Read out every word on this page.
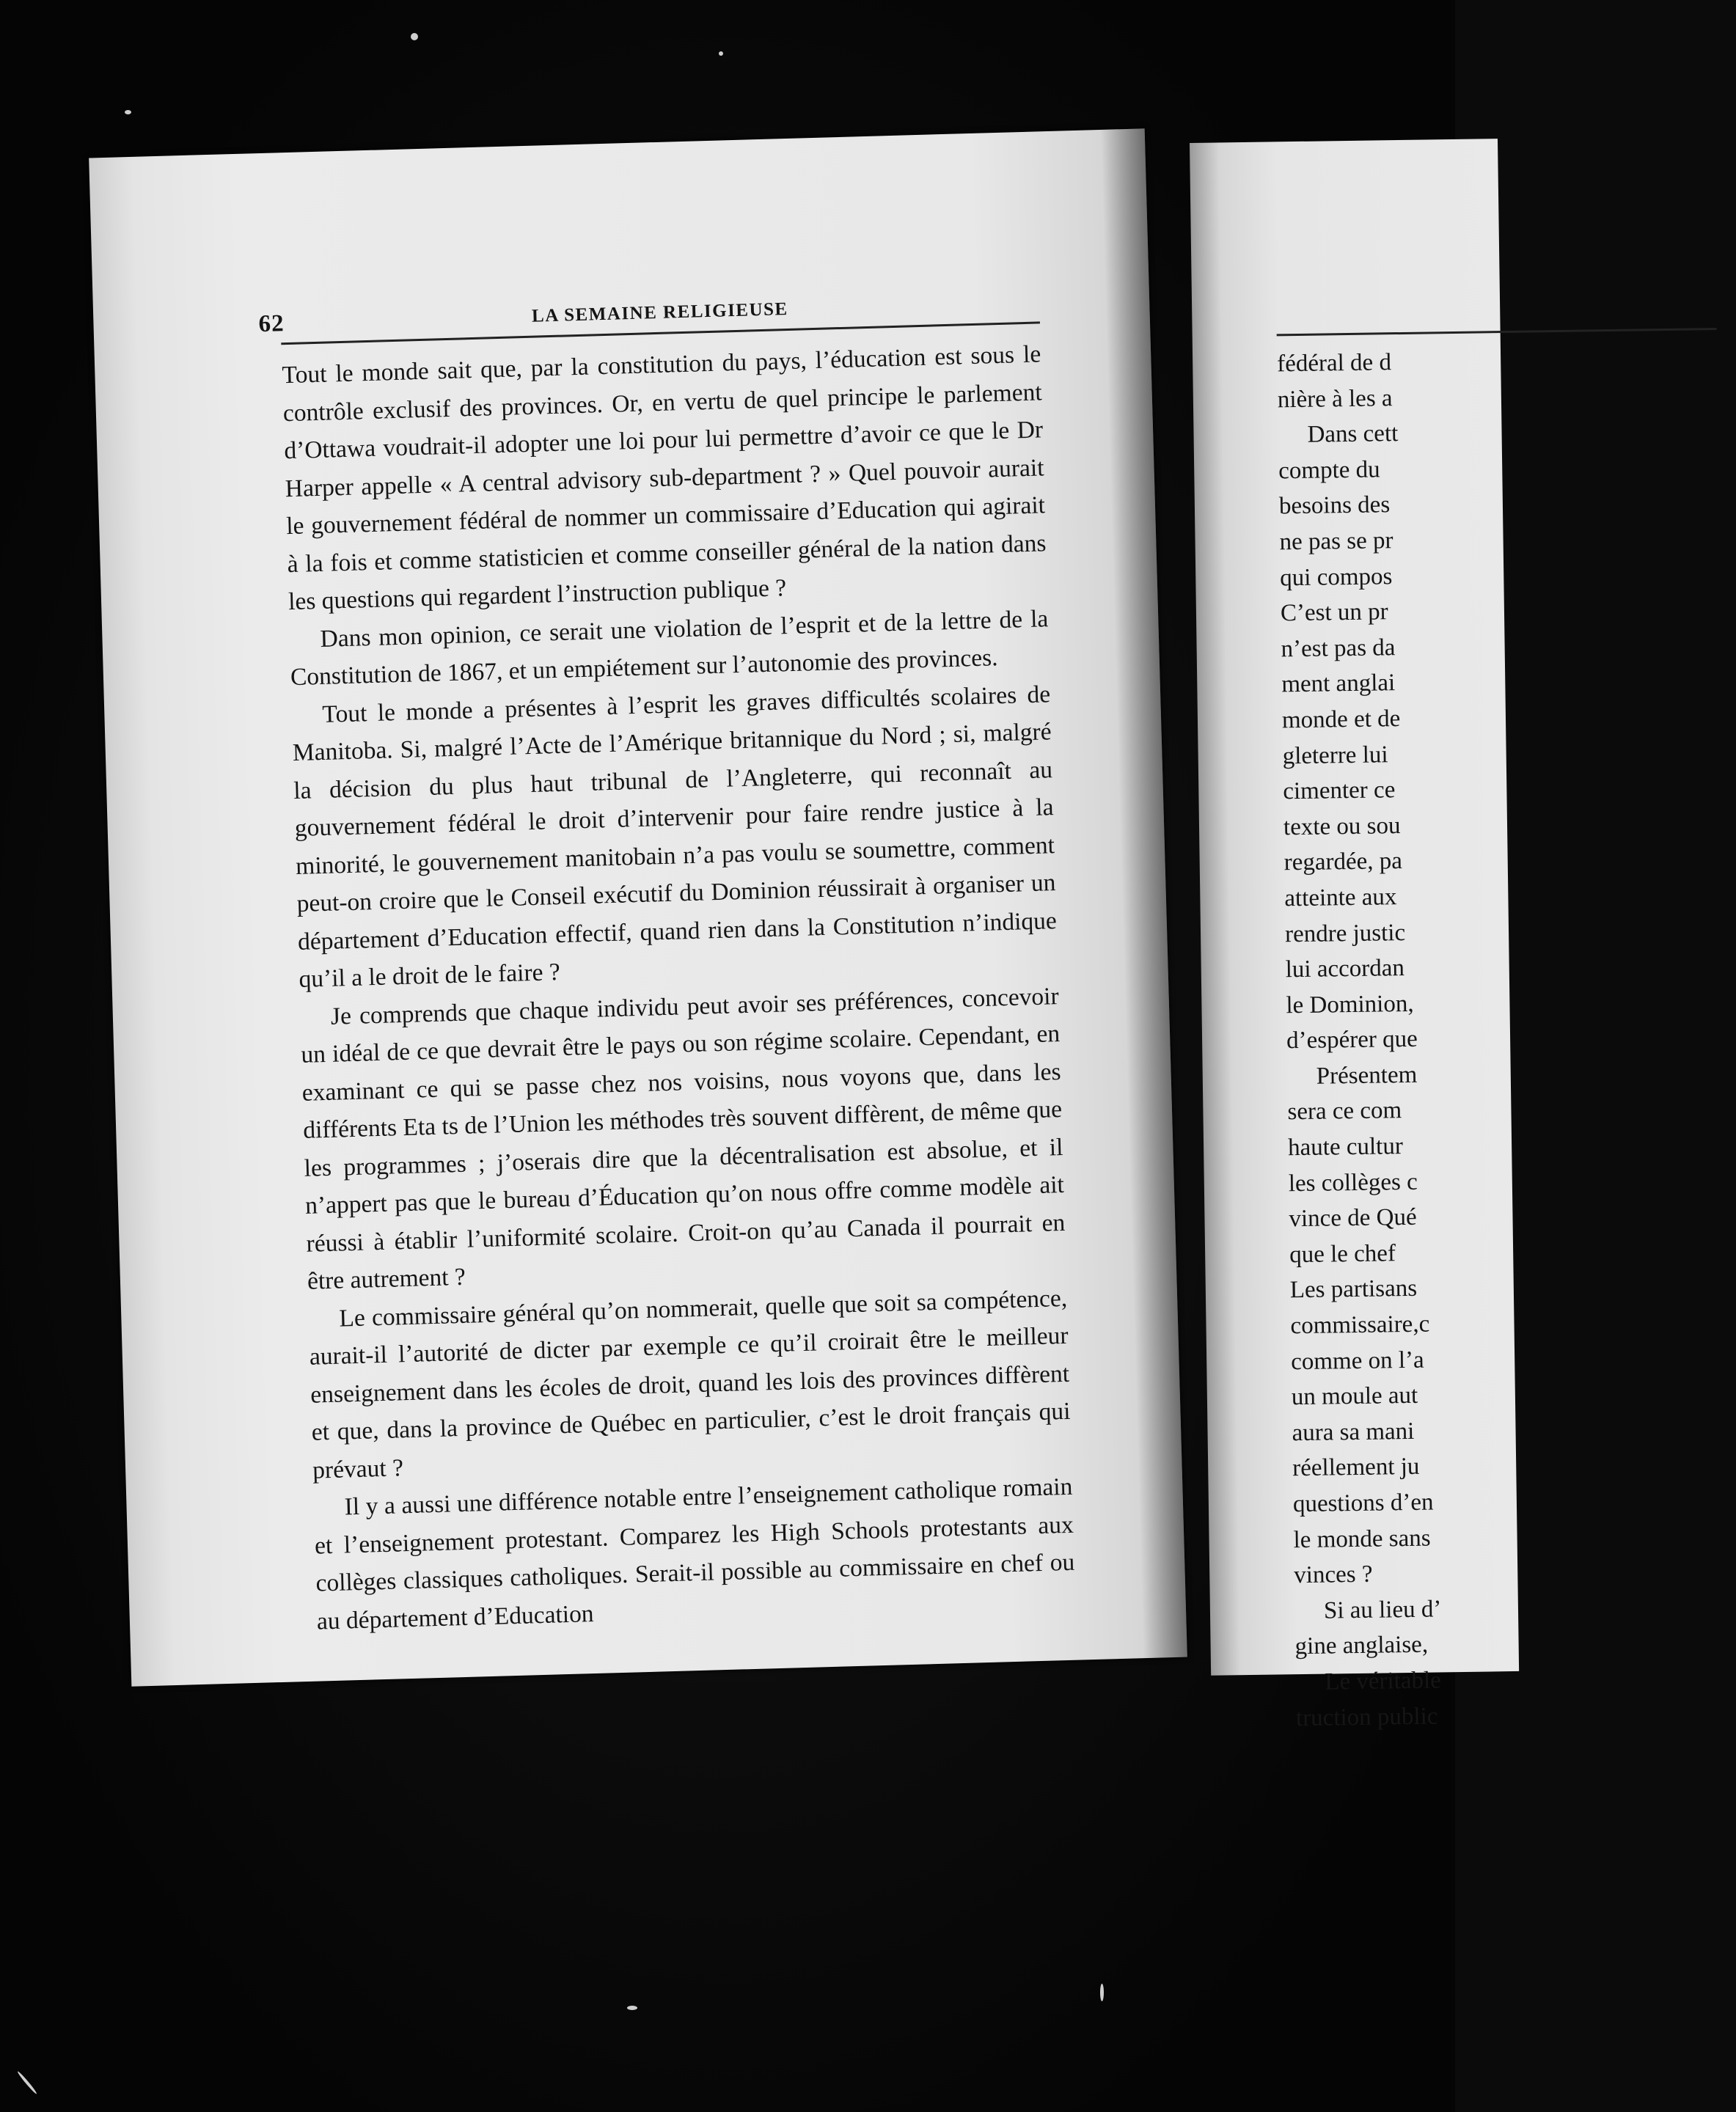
62	LA SEMAINE RELIGIEUSE

Tout le monde sait que, par la constitution du pays, l’éducation est sous le contrôle exclusif des provinces. Or, en vertu de quel principe le parlement d’Ottawa voudrait-il adopter une loi pour lui permettre d’avoir ce que le Dr Harper appelle « A central advisory sub-department ? » Quel pouvoir aurait le gouvernement fédéral de nommer un commissaire d’Education qui agirait à la fois et comme statisticien et comme conseiller général de la nation dans les questions qui regardent l’instruction publique ?

Dans mon opinion, ce serait une violation de l’esprit et de la lettre de la Constitution de 1867, et un empiétement sur l’autonomie des provinces.

Tout le monde a présentes à l’esprit les graves difficultés scolaires de Manitoba. Si, malgré l’Acte de l’Amérique britannique du Nord ; si, malgré la décision du plus haut tribunal de l’Angleterre, qui reconnaît au gouvernement fédéral le droit d’intervenir pour faire rendre justice à la minorité, le gouvernement manitobain n’a pas voulu se soumettre, comment peut-on croire que le Conseil exécutif du Dominion réussirait à organiser un département d’Education effectif, quand rien dans la Constitution n’indique qu’il a le droit de le faire ?

Je comprends que chaque individu peut avoir ses préférences, concevoir un idéal de ce que devrait être le pays ou son régime scolaire. Cependant, en examinant ce qui se passe chez nos voisins, nous voyons que, dans les différents Eta ts de l’Union les méthodes très souvent diffèrent, de même que les programmes ; j’oserais dire que la décentralisation est absolue, et il n’appert pas que le bureau d’Éducation qu’on nous offre comme modèle ait réussi à établir l’uniformité scolaire. Croit-on qu’au Canada il pourrait en être autrement ?

Le commissaire général qu’on nommerait, quelle que soit sa compétence, aurait-il l’autorité de dicter par exemple ce qu’il croirait être le meilleur enseignement dans les écoles de droit, quand les lois des provinces diffèrent et que, dans la province de Québec en particulier, c’est le droit français qui prévaut ?

Il y a aussi une différence notable entre l’enseignement catholique romain et l’enseignement protestant. Comparez les High Schools protestants aux collèges classiques catholiques. Serait-il possible au commissaire en chef ou au département d’Education

fédéral de d
nière à les a
Dans cett
compte du
besoins des
ne pas se pr
qui compos
C’est un pr
n’est pas da
ment anglai
monde et de
gleterre lui
cimenter ce
texte ou sou
regardée, pa
atteinte aux
rendre justic
lui accordan
le Dominion,
d’espérer que
Présentem
sera ce com
haute cultur
les collèges c
vince de Qué
que le chef
Les partisans
commissaire,c
comme on l’a
un moule aut
aura sa mani
réellement ju
questions d’en
le monde sans
vinces ?
Si au lieu d’
gine anglaise,
Le véritable
truction public
